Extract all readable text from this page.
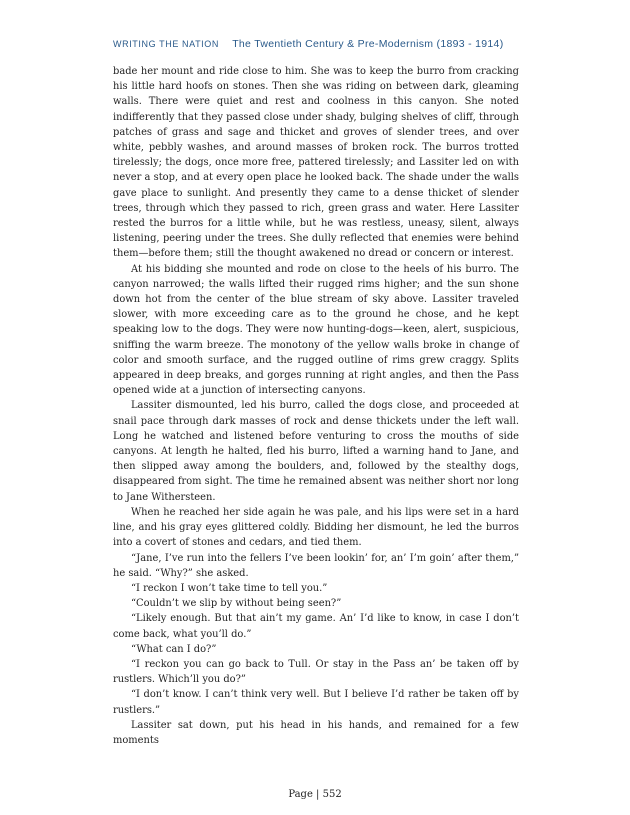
WRITING THE NATION The Twentieth Century & Pre-Modernism (1893 - 1914)

bade her mount and ride close to him. She was to keep the burro from cracking his little hard hoofs on stones. Then she was riding on between dark, gleaming walls. There were quiet and rest and coolness in this canyon. She noted indifferently that they passed close under shady, bulging shelves of cliff, through patches of grass and sage and thicket and groves of slender trees, and over white, pebbly washes, and around masses of broken rock. The burros trotted tirelessly; the dogs, once more free, pattered tirelessly; and Lassiter led on with never a stop, and at every open place he looked back. The shade under the walls gave place to sunlight. And presently they came to a dense thicket of slender trees, through which they passed to rich, green grass and water. Here Lassiter rested the burros for a little while, but he was restless, uneasy, silent, always listening, peering under the trees. She dully reflected that enemies were behind them—before them; still the thought awakened no dread or concern or interest.

At his bidding she mounted and rode on close to the heels of his burro. The canyon narrowed; the walls lifted their rugged rims higher; and the sun shone down hot from the center of the blue stream of sky above. Lassiter traveled slower, with more exceeding care as to the ground he chose, and he kept speaking low to the dogs. They were now hunting-dogs—keen, alert, suspicious, sniffing the warm breeze. The monotony of the yellow walls broke in change of color and smooth surface, and the rugged outline of rims grew craggy. Splits appeared in deep breaks, and gorges running at right angles, and then the Pass opened wide at a junction of intersecting canyons.

Lassiter dismounted, led his burro, called the dogs close, and proceeded at snail pace through dark masses of rock and dense thickets under the left wall. Long he watched and listened before venturing to cross the mouths of side canyons. At length he halted, fled his burro, lifted a warning hand to Jane, and then slipped away among the boulders, and, followed by the stealthy dogs, disappeared from sight. The time he remained absent was neither short nor long to Jane Withersteen.

When he reached her side again he was pale, and his lips were set in a hard line, and his gray eyes glittered coldly. Bidding her dismount, he led the burros into a covert of stones and cedars, and tied them.

“Jane, I’ve run into the fellers I’ve been lookin’ for, an’ I’m goin’ after them,” he said. “Why?” she asked.

“I reckon I won’t take time to tell you.”

“Couldn’t we slip by without being seen?”

“Likely enough. But that ain’t my game. An’ I’d like to know, in case I don’t come back, what you’ll do.”

“What can I do?”

“I reckon you can go back to Tull. Or stay in the Pass an’ be taken off by rustlers. Which’ll you do?”

“I don’t know. I can’t think very well. But I believe I’d rather be taken off by rustlers.”

Lassiter sat down, put his head in his hands, and remained for a few moments

Page | 552
